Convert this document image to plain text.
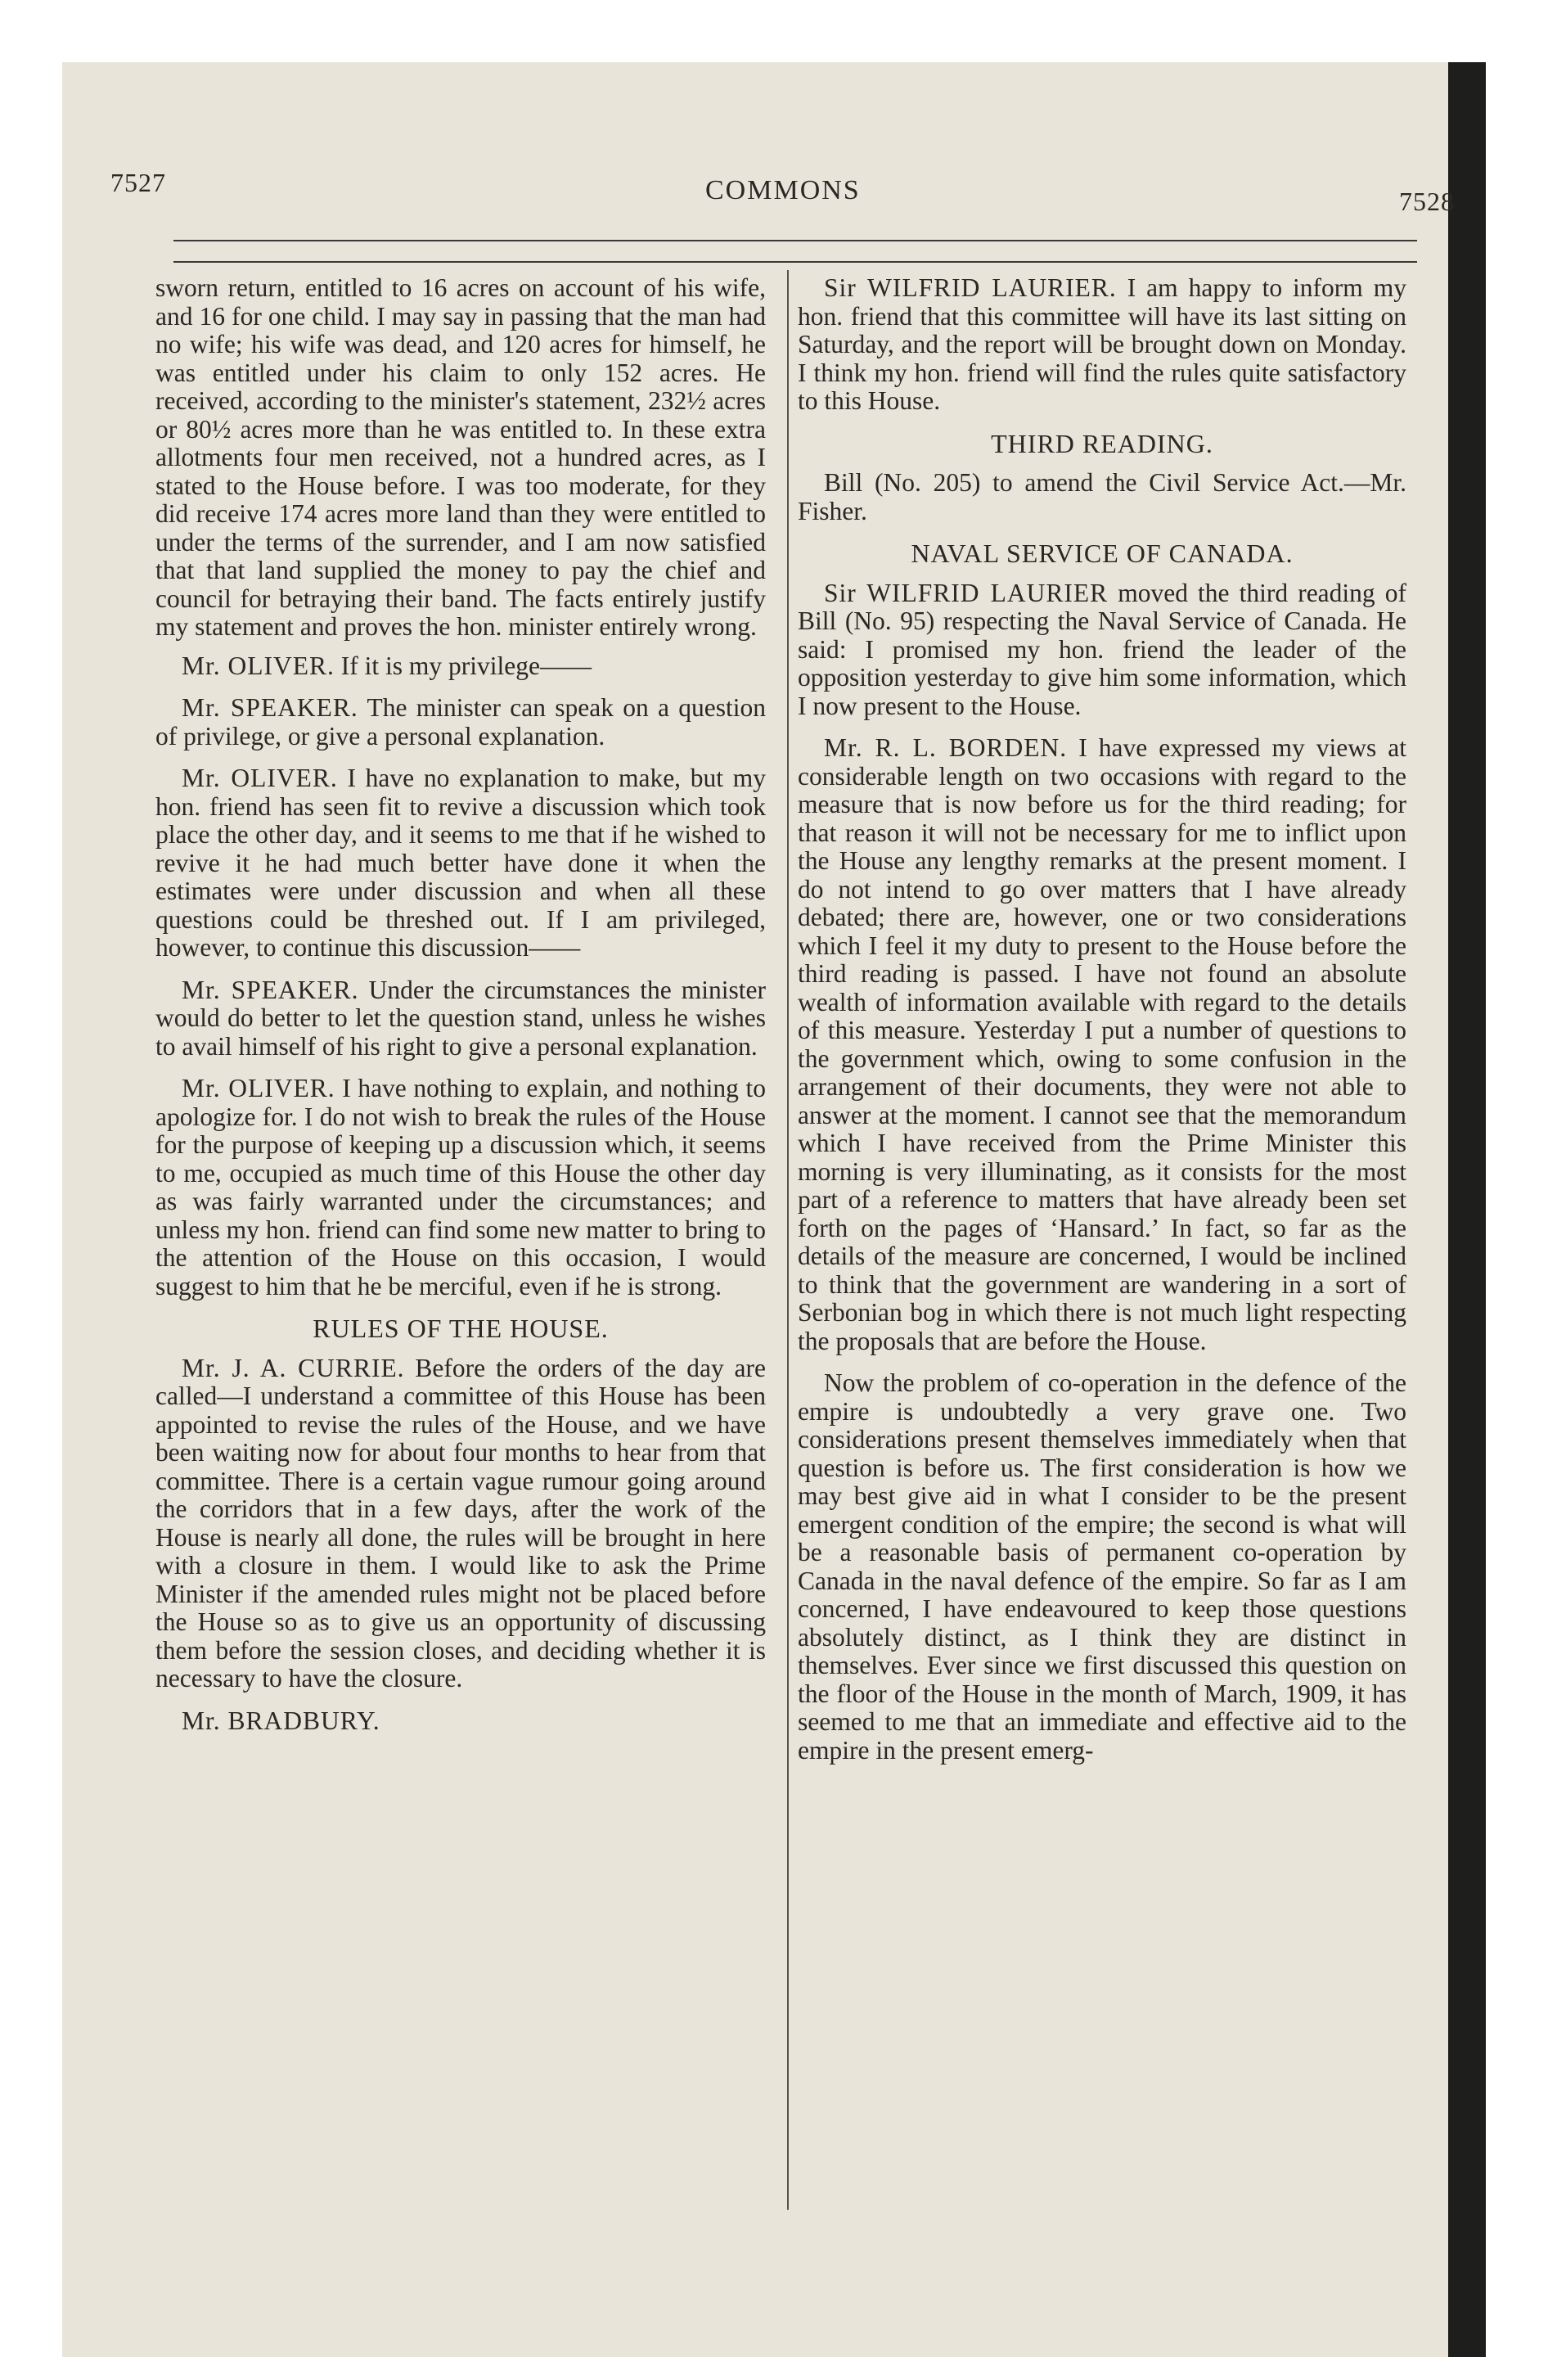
7527	COMMONS	7528

sworn return, entitled to 16 acres on account of his wife, and 16 for one child. I may say in passing that the man had no wife; his wife was dead, and 120 acres for himself, he was entitled under his claim to only 152 acres. He received, according to the minister's statement, 232½ acres or 80½ acres more than he was entitled to. In these extra allotments four men received, not a hundred acres, as I stated to the House before. I was too moderate, for they did receive 174 acres more land than they were entitled to under the terms of the surrender, and I am now satisfied that that land supplied the money to pay the chief and council for betraying their band. The facts entirely justify my statement and proves the hon. minister entirely wrong.

Mr. OLIVER. If it is my privilege——

Mr. SPEAKER. The minister can speak on a question of privilege, or give a personal explanation.

Mr. OLIVER. I have no explanation to make, but my hon. friend has seen fit to revive a discussion which took place the other day, and it seems to me that if he wished to revive it he had much better have done it when the estimates were under discussion and when all these questions could be threshed out. If I am privileged, however, to continue this discussion——

Mr. SPEAKER. Under the circumstances the minister would do better to let the question stand, unless he wishes to avail himself of his right to give a personal explanation.

Mr. OLIVER. I have nothing to explain, and nothing to apologize for. I do not wish to break the rules of the House for the purpose of keeping up a discussion which, it seems to me, occupied as much time of this House the other day as was fairly warranted under the circumstances; and unless my hon. friend can find some new matter to bring to the attention of the House on this occasion, I would suggest to him that he be merciful, even if he is strong.

RULES OF THE HOUSE.

Mr. J. A. CURRIE. Before the orders of the day are called—I understand a committee of this House has been appointed to revise the rules of the House, and we have been waiting now for about four months to hear from that committee. There is a certain vague rumour going around the corridors that in a few days, after the work of the House is nearly all done, the rules will be brought in here with a closure in them. I would like to ask the Prime Minister if the amended rules might not be placed before the House so as to give us an opportunity of discussing them before the session closes, and deciding whether it is necessary to have the closure.

Mr. BRADBURY.

Sir WILFRID LAURIER. I am happy to inform my hon. friend that this committee will have its last sitting on Saturday, and the report will be brought down on Monday. I think my hon. friend will find the rules quite satisfactory to this House.

THIRD READING.

Bill (No. 205) to amend the Civil Service Act.—Mr. Fisher.

NAVAL SERVICE OF CANADA.

Sir WILFRID LAURIER moved the third reading of Bill (No. 95) respecting the Naval Service of Canada. He said: I promised my hon. friend the leader of the opposition yesterday to give him some information, which I now present to the House.

Mr. R. L. BORDEN. I have expressed my views at considerable length on two occasions with regard to the measure that is now before us for the third reading; for that reason it will not be necessary for me to inflict upon the House any lengthy remarks at the present moment. I do not intend to go over matters that I have already debated; there are, however, one or two considerations which I feel it my duty to present to the House before the third reading is passed. I have not found an absolute wealth of information available with regard to the details of this measure. Yesterday I put a number of questions to the government which, owing to some confusion in the arrangement of their documents, they were not able to answer at the moment. I cannot see that the memorandum which I have received from the Prime Minister this morning is very illuminating, as it consists for the most part of a reference to matters that have already been set forth on the pages of ‘Hansard.’ In fact, so far as the details of the measure are concerned, I would be inclined to think that the government are wandering in a sort of Serbonian bog in which there is not much light respecting the proposals that are before the House.

Now the problem of co-operation in the defence of the empire is undoubtedly a very grave one. Two considerations present themselves immediately when that question is before us. The first consideration is how we may best give aid in what I consider to be the present emergent condition of the empire; the second is what will be a reasonable basis of permanent co-operation by Canada in the naval defence of the empire. So far as I am concerned, I have endeavoured to keep those questions absolutely distinct, as I think they are distinct in themselves. Ever since we first discussed this question on the floor of the House in the month of March, 1909, it has seemed to me that an immediate and effective aid to the empire in the present emerg-
